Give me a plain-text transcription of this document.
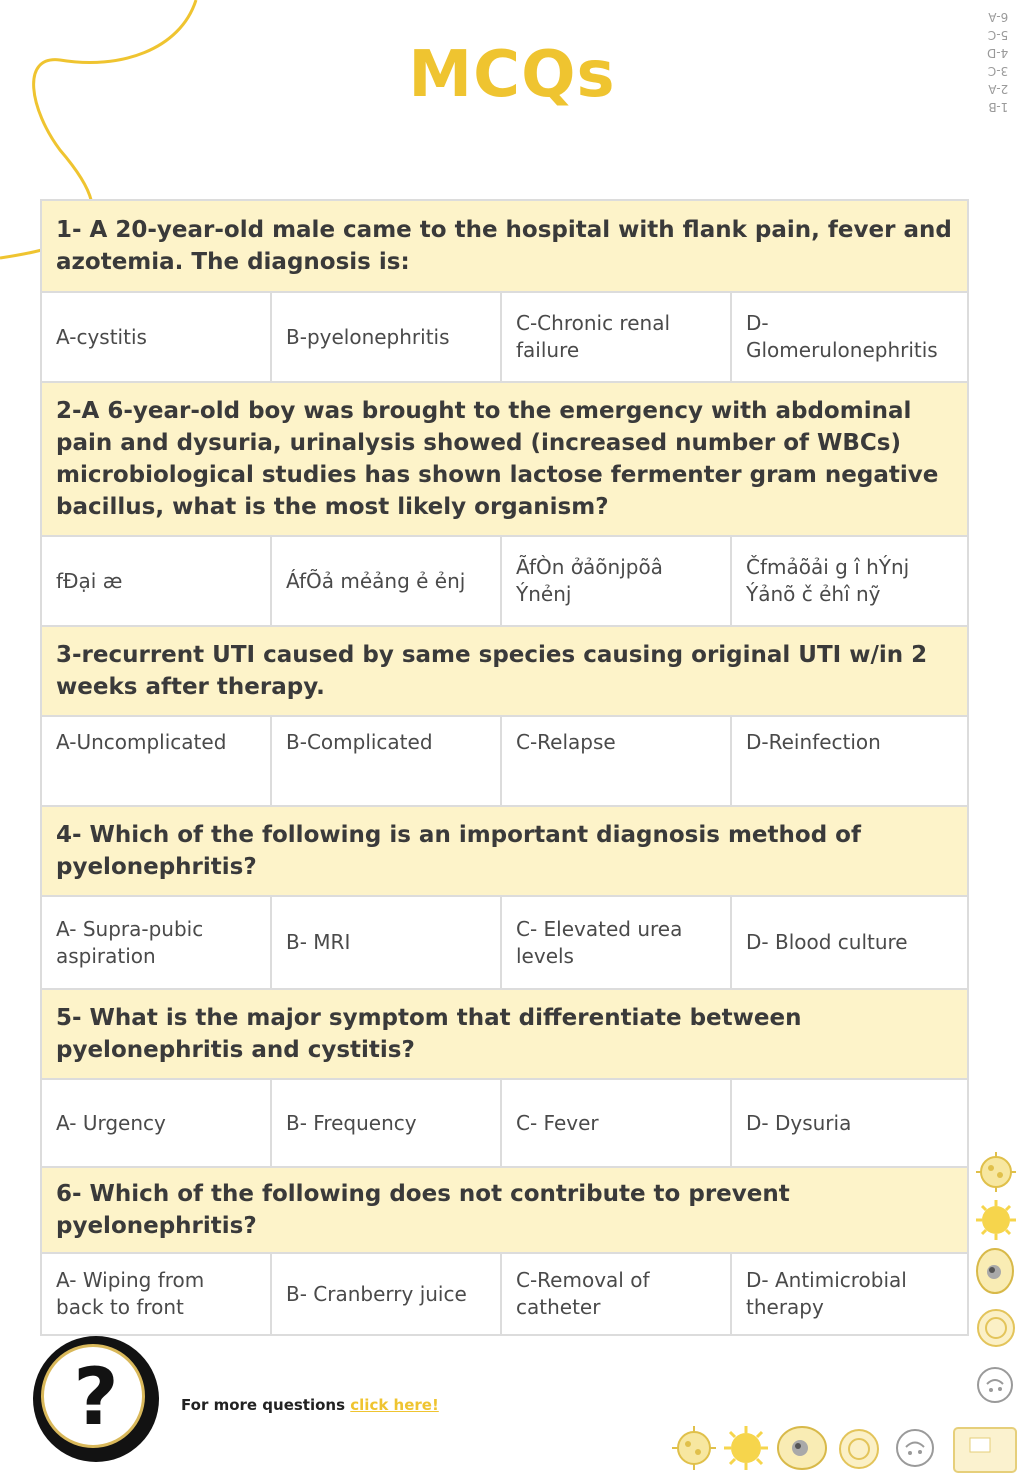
MCQs	1-B
2-A
3-C
4-D
5-C
6-A
1- A 20-year-old male came to the hospital with flank pain, fever and azotemia. The diagnosis is:			
A-cystitis	B-pyelonephritis	C-Chronic renal failure	D-Glomerulonephritis
2-A 6-year-old boy was brought to the emergency with abdominal pain and dysuria, urinalysis showed (increased number of WBCs) microbiological studies has shown lactose fermenter gram negative bacillus, what is the most likely organism?			
fĐại æ	ÁfÕả mẻảng ẻ ẻnj	ÃfÒn ởảõnjpõâ Ýnẻnj	Čfmảõải g î hÝnj Ýảnõ č ẻhî nỹ
3-recurrent UTI caused by same species causing original UTI w/in 2 weeks after therapy.			
A-Uncomplicated	B-Complicated	C-Relapse	D-Reinfection
4- Which of the following is an important diagnosis method of pyelonephritis?			
A- Supra-pubic aspiration	B- MRI	C- Elevated urea levels	D- Blood culture
5- What is the major symptom that differentiate between pyelonephritis and cystitis?			
A- Urgency	B- Frequency	C- Fever	D- Dysuria
6- Which of the following does not contribute to prevent pyelonephritis?			
A- Wiping from back to front	B- Cranberry juice	C-Removal of catheter	D- Antimicrobial therapy
?	For more questions click here!
